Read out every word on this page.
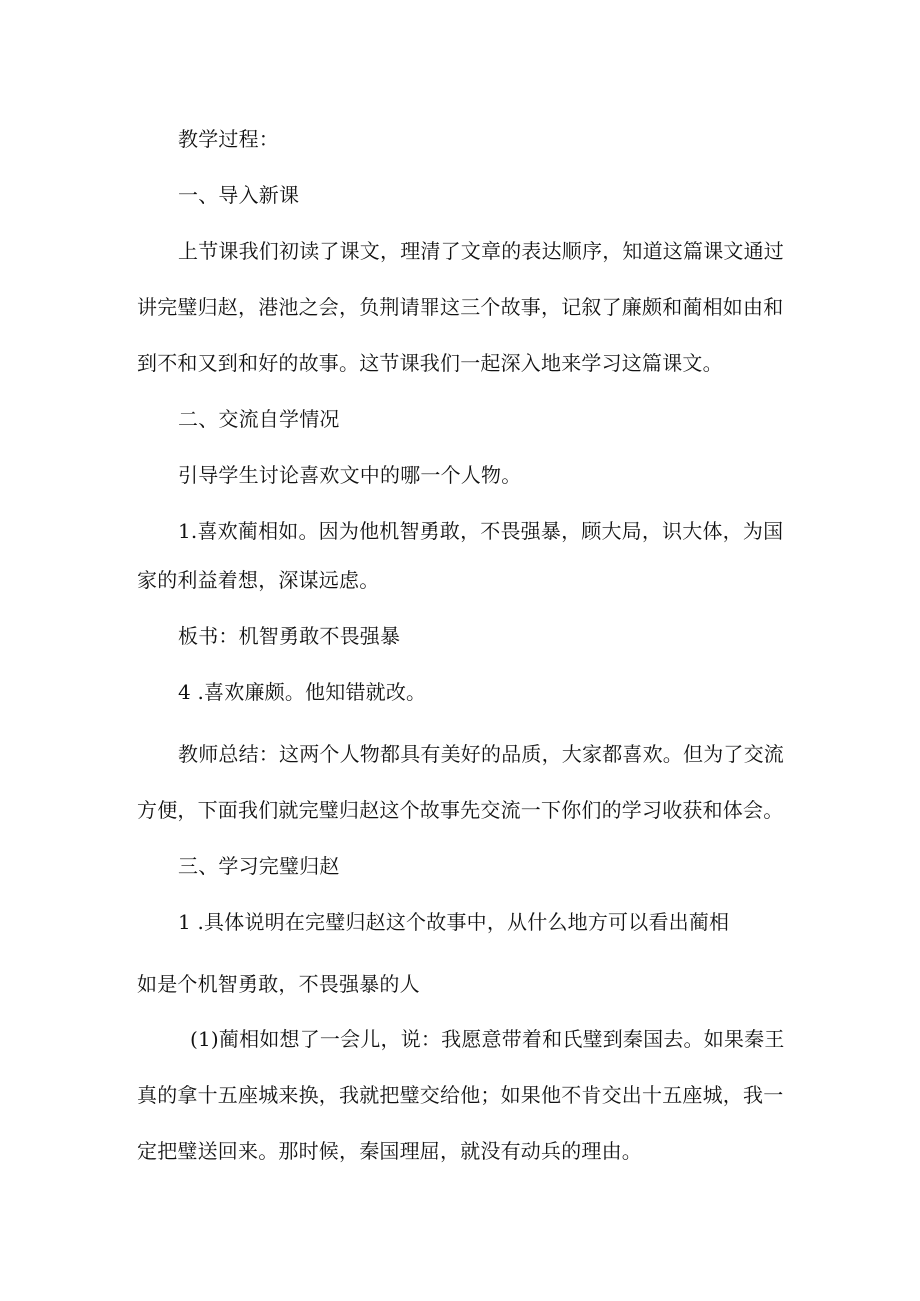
教学过程：
一、导入新课
上节课我们初读了课文，理清了文章的表达顺序，知道这篇课文通过
讲完璧归赵，港池之会，负荆请罪这三个故事，记叙了廉颇和蔺相如由和
到不和又到和好的故事。这节课我们一起深入地来学习这篇课文。
二、交流自学情况
引导学生讨论喜欢文中的哪一个人物。
1.喜欢蔺相如。因为他机智勇敢，不畏强暴，顾大局，识大体，为国
家的利益着想，深谋远虑。
板书：机智勇敢不畏强暴
4 .喜欢廉颇。他知错就改。
教师总结：这两个人物都具有美好的品质，大家都喜欢。但为了交流
方便，下面我们就完璧归赵这个故事先交流一下你们的学习收获和体会。
三、学习完璧归赵
1 .具体说明在完璧归赵这个故事中，从什么地方可以看出蔺相
如是个机智勇敢，不畏强暴的人
(1)蔺相如想了一会儿，说：我愿意带着和氏璧到秦国去。如果秦王
真的拿十五座城来换，我就把璧交给他；如果他不肯交出十五座城，我一
定把璧送回来。那时候，秦国理屈，就没有动兵的理由。
